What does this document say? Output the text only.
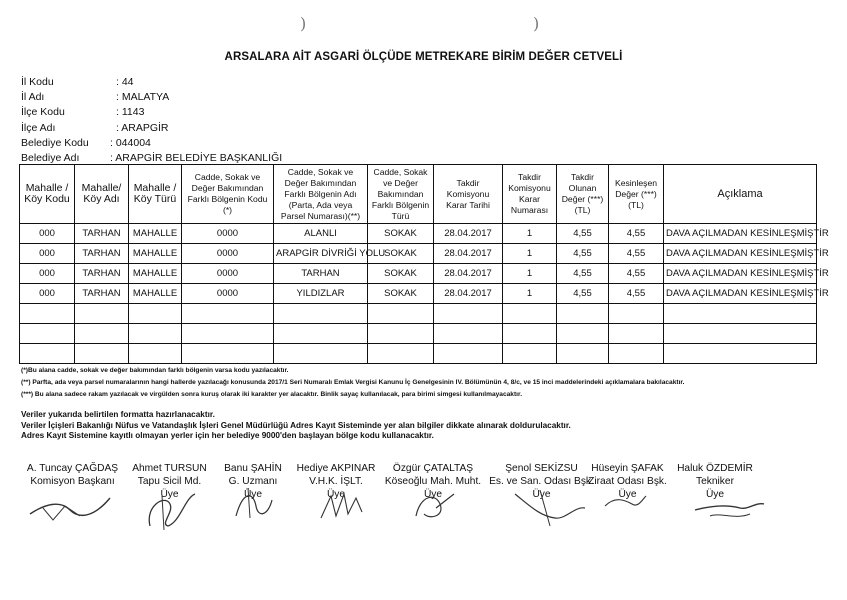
)	)
ARSALARA AİT ASGARİ ÖLÇÜDE METREKARE BİRİM DEĞER CETVELİ
İl Kodu	: 44
İl Adı	: MALATYA
İlçe Kodu	: 1143
İlçe Adı	: ARAPGİR
Belediye Kodu : 044004
Belediye Adı	: ARAPGİR BELEDİYE BAŞKANLIĞI
Mahalle / Köy Kodu	Mahalle/ Köy Adı	Mahalle / Köy Türü	Cadde, Sokak ve Değer Bakımından Farklı Bölgenin Kodu (*)	Cadde, Sokak ve Değer Bakımından Farklı Bölgenin Adı (Parta, Ada veya Parsel Numarası)(**)	Cadde, Sokak ve Değer Bakımından Farklı Bölgenin Türü	Takdir Komisyonu Karar Tarihi	Takdir Komisyonu Karar Numarası	Takdir Olunan Değer (***) (TL)	Kesinleşen Değer (***) (TL)	Açıklama
000	TARHAN	MAHALLE	0000	ALANLI	SOKAK	28.04.2017	1	4,55	4,55	DAVA AÇILMADAN KESİNLEŞMİŞTİR
000	TARHAN	MAHALLE	0000	ARAPGİR DİVRİĞİ YOLU	SOKAK	28.04.2017	1	4,55	4,55	DAVA AÇILMADAN KESİNLEŞMİŞTİR
000	TARHAN	MAHALLE	0000	TARHAN	SOKAK	28.04.2017	1	4,55	4,55	DAVA AÇILMADAN KESİNLEŞMİŞTİR
000	TARHAN	MAHALLE	0000	YILDIZLAR	SOKAK	28.04.2017	1	4,55	4,55	DAVA AÇILMADAN KESİNLEŞMİŞTİR

(*)Bu alana cadde, sokak ve değer bakımından farklı bölgenin varsa kodu yazılacaktır.
(**) Parfta, ada veya parsel numaralarının hangi hallerde yazılacağı konusunda 2017/1 Seri Numaralı Emlak Vergisi Kanunu İç Genelgesinin IV. Bölümünün 4, 8/c, ve 15 inci maddelerindeki açıklamalara bakılacaktır.
(***) Bu alana sadece rakam yazılacak ve virgülden sonra kuruş olarak iki karakter yer alacaktır. Binlik sayaç kullanılacak, para birimi simgesi kullanılmayacaktır.
Veriler yukarıda belirtilen formatta hazırlanacaktır.
Veriler İçişleri Bakanlığı Nüfus ve Vatandaşlık İşleri Genel Müdürlüğü Adres Kayıt Sisteminde yer alan bilgiler dikkate alınarak doldurulacaktır.
Adres Kayıt Sistemine kayıtlı olmayan yerler için her belediye 9000'den başlayan bölge kodu kullanacaktır.
A. Tuncay ÇAĞDAŞ
Komisyon Başkanı
Ahmet TURSUN
Tapu Sicil Md.
Üye
Banu ŞAHİN
G. Uzmanı
Üye
Hediye AKPINAR
V.H.K. İŞLT.
Üye
Özgür ÇATALTAŞ
Köseoğlu Mah. Muht.
Üye
Şenol SEKİZSU
Es. ve San. Odası Bşk.
Üye
Hüseyin ŞAFAK
Ziraat Odası Bşk.
Üye
Haluk ÖZDEMİR
Tekniker
Üye
